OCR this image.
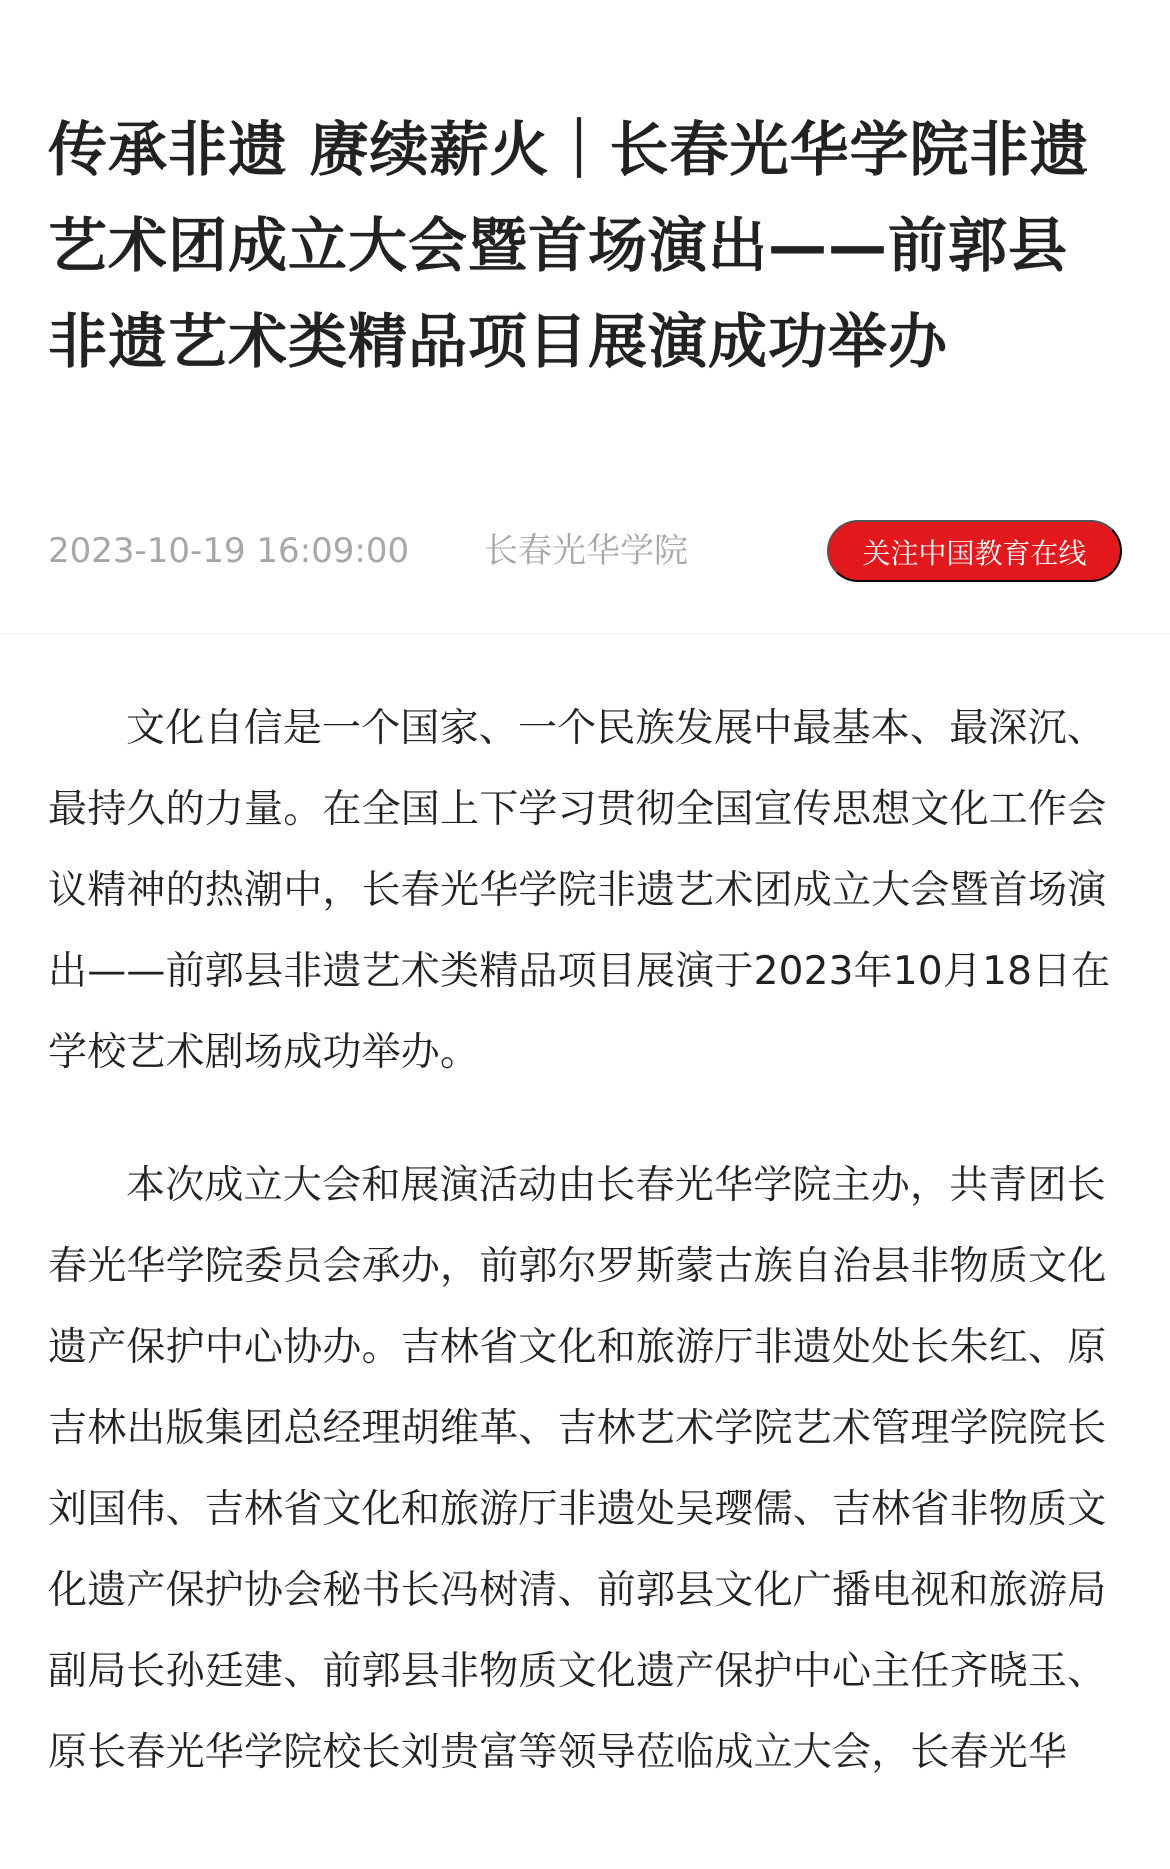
传承非遗 赓续薪火｜长春光华学院非遗艺术团成立大会暨首场演出——前郭县非遗艺术类精品项目展演成功举办
2023-10-19 16:09:00 长春光华学院	关注中国教育在线

文化自信是一个国家、一个民族发展中最基本、最深沉、最持久的力量。在全国上下学习贯彻全国宣传思想文化工作会议精神的热潮中，长春光华学院非遗艺术团成立大会暨首场演出——前郭县非遗艺术类精品项目展演于2023年10月18日在学校艺术剧场成功举办。

本次成立大会和展演活动由长春光华学院主办，共青团长春光华学院委员会承办，前郭尔罗斯蒙古族自治县非物质文化遗产保护中心协办。吉林省文化和旅游厅非遗处处长朱红、原吉林出版集团总经理胡维革、吉林艺术学院艺术管理学院院长刘国伟、吉林省文化和旅游厅非遗处吴璎儒、吉林省非物质文化遗产保护协会秘书长冯树清、前郭县文化广播电视和旅游局副局长孙廷建、前郭县非物质文化遗产保护中心主任齐晓玉、原长春光华学院校长刘贵富等领导莅临成立大会，长春光华
